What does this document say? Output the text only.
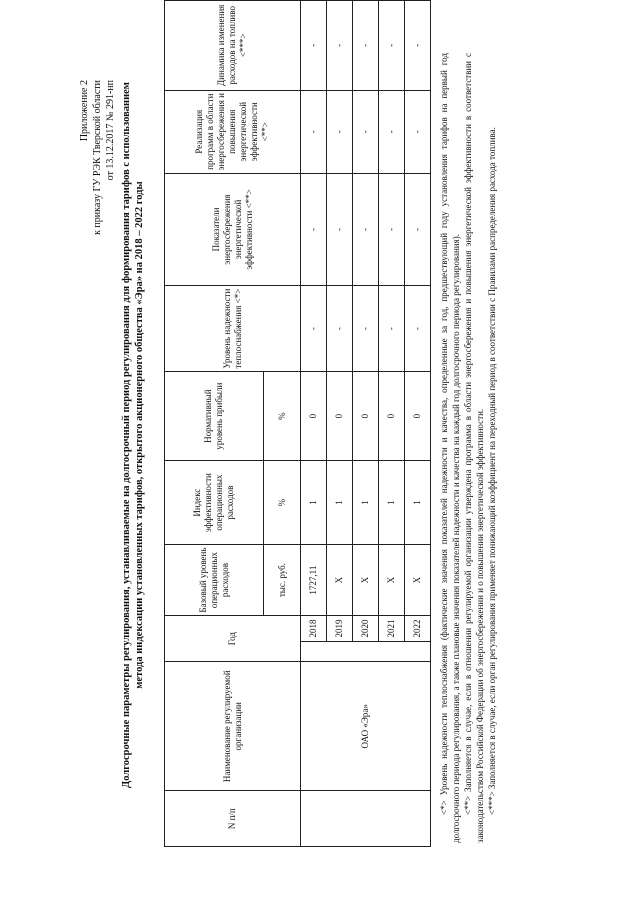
Приложение 2 к приказу ГУ РЭК Тверской области от 13.12.2017 № 291-нп Долгосрочные параметры регулирования, устанавливаемые на долгосрочный период регулирования для формирования тарифов с использованием метода индексации установленных тарифов, открытого акционерного общества «Эра» на 2018 – 2022 годы
N п/п	Наименование регулируемой организации	Год		Базовый уровень операционных расходов	Индекс эффективности операционных расходов	Нормативный уровень прибыли	Уровень надежности теплоснабжения <*>	Показатели энергосбережения энергетической эффективности <**>	Реализация программ в области энергосбережения и повышения энергетической эффективности <**>	Динамика изменения расходов на топливо <***>
				тыс. руб.	%	%				
	ОАО «Эра»		2018	1727,11	1	0	-	-	-	-
			2019	Х	1	0	-	-	-	-
			2020	Х	1	0	-	-	-	-
			2021	Х	1	0	-	-	-	-
			2022	Х	1	0	-	-	-	-

<*> Уровень надежности теплоснабжения (фактические значения показателей надежности и качества, определенные за год, предшествующий году установления тарифов на первый год долгосрочного периода регулирования, а также плановые значения показателей надежности и качества на каждый год долгосрочного периода регулирования). <**> Заполняется в случае, если в отношении регулируемой организации утверждена программа в области энергосбережения и повышения энергетической эффективности в соответствии с законодательством Российской Федерации об энергосбережении и о повышении энергетической эффективности. <***> Заполняется в случае, если орган регулирования применяет понижающий коэффициент на переходный период в соответствии с Правилами распределения расхода топлива.
